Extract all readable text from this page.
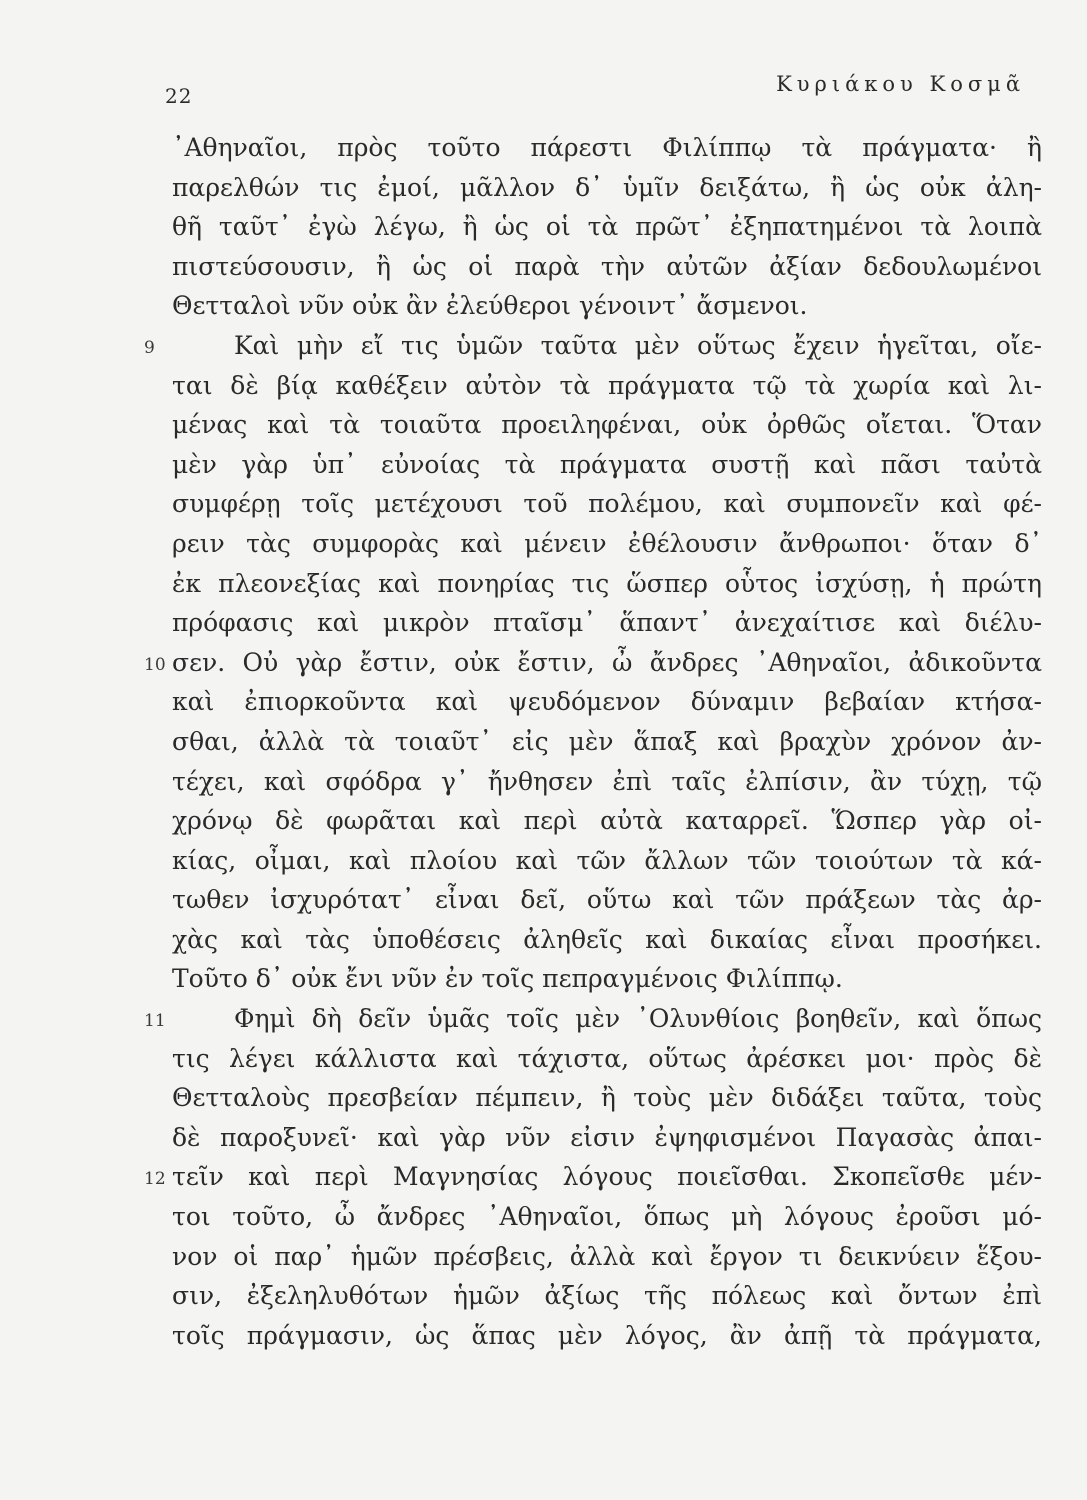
22	Κυριάκου Κοσμᾶ
᾿Αθηναῖοι, πρὸς τοῦτο πάρεστι Φιλίππῳ τὰ πράγματα· ἢ
παρελθών τις ἐμοί, μᾶλλον δ᾿ ὑμῖν δειξάτω, ἢ ὡς οὐκ ἀλη-
θῆ ταῦτ᾿ ἐγὼ λέγω, ἢ ὡς οἱ τὰ πρῶτ᾿ ἐξηπατημένοι τὰ λοιπὰ
πιστεύσουσιν, ἢ ὡς οἱ παρὰ τὴν αὐτῶν ἀξίαν δεδουλωμένοι
Θετταλοὶ νῦν οὐκ ἂν ἐλεύθεροι γένοιντ᾿ ἄσμενοι.
9	Καὶ μὴν εἴ τις ὑμῶν ταῦτα μὲν οὕτως ἔχειν ἡγεῖται, οἴε-
ται δὲ βίᾳ καθέξειν αὐτὸν τὰ πράγματα τῷ τὰ χωρία καὶ λι-
μένας καὶ τὰ τοιαῦτα προειληφέναι, οὐκ ὀρθῶς οἴεται. Ὅταν
μὲν γὰρ ὑπ᾿ εὐνοίας τὰ πράγματα συστῇ καὶ πᾶσι ταὐτὰ
συμφέρῃ τοῖς μετέχουσι τοῦ πολέμου, καὶ συμπονεῖν καὶ φέ-
ρειν τὰς συμφορὰς καὶ μένειν ἐθέλουσιν ἄνθρωποι· ὅταν δ᾿
ἐκ πλεονεξίας καὶ πονηρίας τις ὥσπερ οὗτος ἰσχύσῃ, ἡ πρώτη
πρόφασις καὶ μικρὸν πταῖσμ᾿ ἅπαντ᾿ ἀνεχαίτισε καὶ διέλυ-
10 σεν. Οὐ γὰρ ἔστιν, οὐκ ἔστιν, ὦ ἄνδρες ᾿Αθηναῖοι, ἀδικοῦντα
καὶ ἐπιορκοῦντα καὶ ψευδόμενον δύναμιν βεβαίαν κτήσα-
σθαι, ἀλλὰ τὰ τοιαῦτ᾿ εἰς μὲν ἅπαξ καὶ βραχὺν χρόνον ἀν-
τέχει, καὶ σφόδρα γ᾿ ἤνθησεν ἐπὶ ταῖς ἐλπίσιν, ἂν τύχῃ, τῷ
χρόνῳ δὲ φωρᾶται καὶ περὶ αὐτὰ καταρρεῖ. Ὥσπερ γὰρ οἰ-
κίας, οἶμαι, καὶ πλοίου καὶ τῶν ἄλλων τῶν τοιούτων τὰ κά-
τωθεν ἰσχυρότατ᾿ εἶναι δεῖ, οὕτω καὶ τῶν πράξεων τὰς ἀρ-
χὰς καὶ τὰς ὑποθέσεις ἀληθεῖς καὶ δικαίας εἶναι προσήκει.
Τοῦτο δ᾿ οὐκ ἔνι νῦν ἐν τοῖς πεπραγμένοις Φιλίππῳ.
11	Φημὶ δὴ δεῖν ὑμᾶς τοῖς μὲν ᾿Ολυνθίοις βοηθεῖν, καὶ ὅπως
τις λέγει κάλλιστα καὶ τάχιστα, οὕτως ἀρέσκει μοι· πρὸς δὲ
Θετταλοὺς πρεσβείαν πέμπειν, ἢ τοὺς μὲν διδάξει ταῦτα, τοὺς
δὲ παροξυνεῖ· καὶ γὰρ νῦν εἰσιν ἐψηφισμένοι Παγασὰς ἀπαι-
12 τεῖν καὶ περὶ Μαγνησίας λόγους ποιεῖσθαι. Σκοπεῖσθε μέν-
τοι τοῦτο, ὦ ἄνδρες ᾿Αθηναῖοι, ὅπως μὴ λόγους ἐροῦσι μό-
νον οἱ παρ᾿ ἡμῶν πρέσβεις, ἀλλὰ καὶ ἔργον τι δεικνύειν ἕξου-
σιν, ἐξεληλυθότων ἡμῶν ἀξίως τῆς πόλεως καὶ ὄντων ἐπὶ
τοῖς πράγμασιν, ὡς ἅπας μὲν λόγος, ἂν ἀπῇ τὰ πράγματα,
